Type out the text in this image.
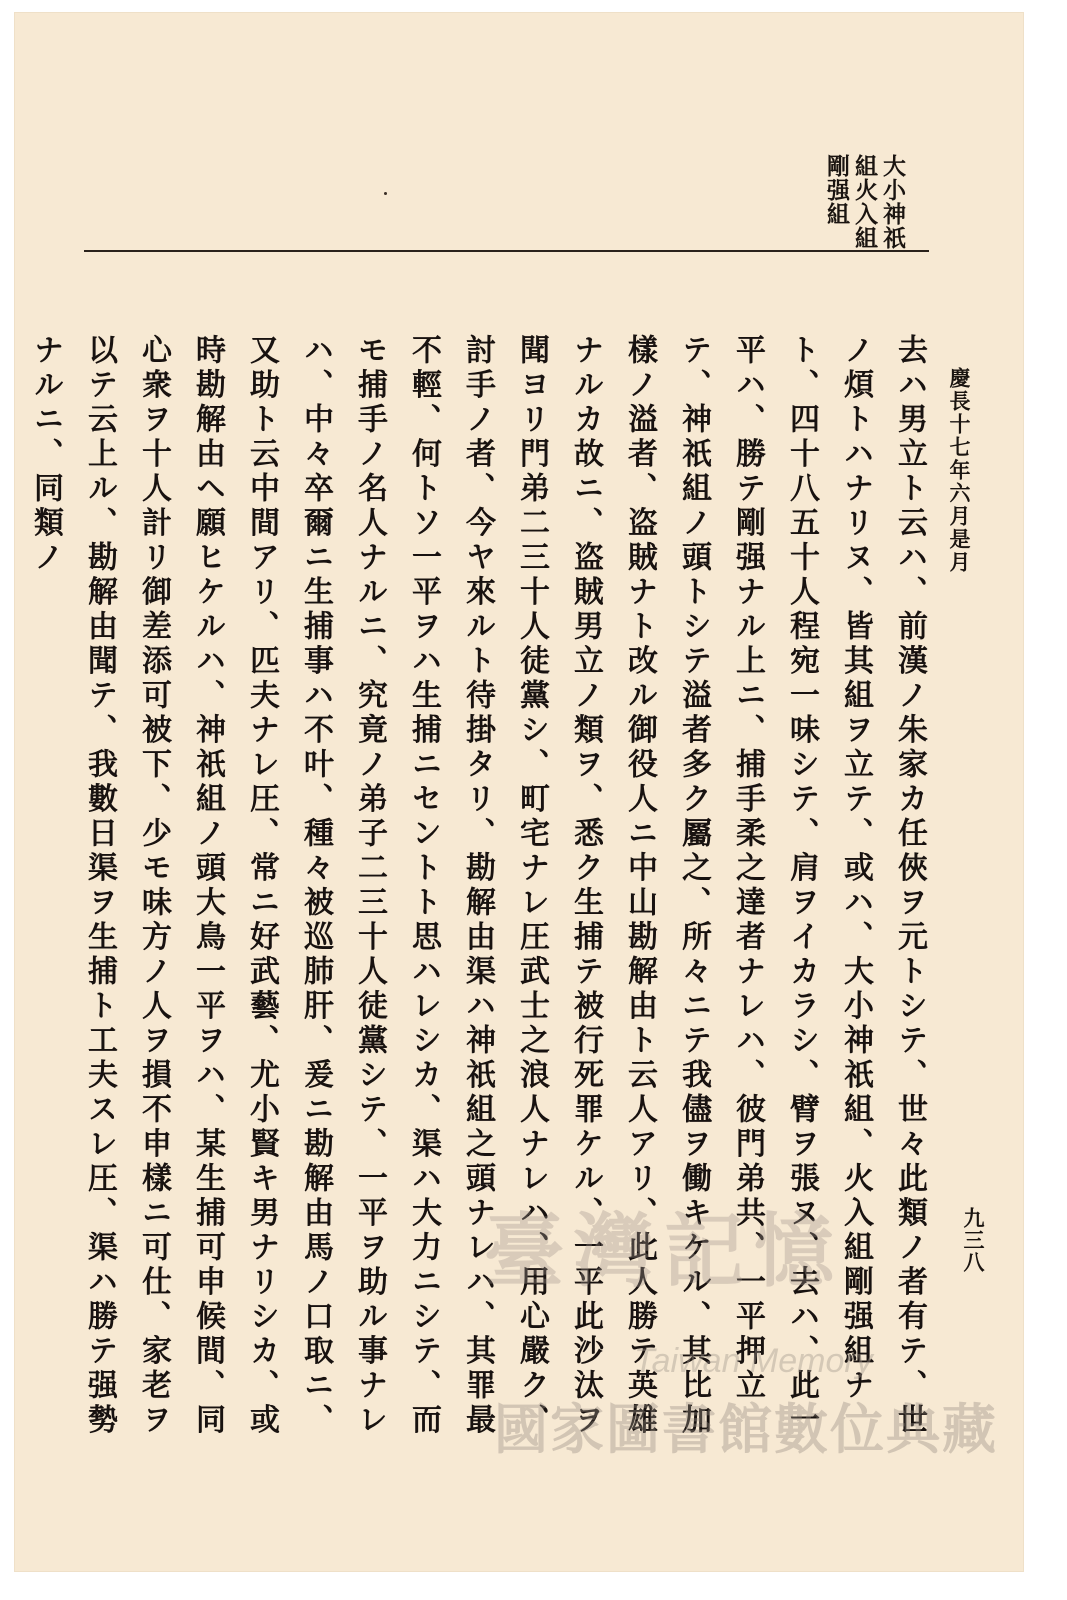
大小神祇
組火入組
剛强組
慶長十七年六月是月
九三八
去ハ男立ト云ハ、前漢ノ朱家カ任俠ヲ元トシテ、世々此類ノ者有テ、世ノ煩トハナリヌ、皆其組ヲ立テ、或ハ、大小神祇組、火入組剛强組ナト、四十八五十人程宛一味シテ、肩ヲイカラシ、臂ヲ張ヌ、去ハ、此一平ハ、勝テ剛强ナル上ニ、捕手柔之達者ナレハ、彼門弟共、一平押立テ、神祇組ノ頭トシテ溢者多ク屬之、所々ニテ我儘ヲ働キケル、其比加樣ノ溢者、盗賊ナト改ル御役人ニ中山勘解由ト云人アリ、此人勝テ英雄ナルカ故ニ、盗賊男立ノ類ヲ、悉ク生捕テ被行死罪ケル、一平此沙汰ヲ聞ヨリ門弟二三十人徒黨シ、町宅ナレ圧武士之浪人ナレハ、用心嚴ク、討手ノ者、今ヤ來ルト待掛タリ、勘解由渠ハ神祇組之頭ナレハ、其罪最不輕、何トソ一平ヲハ生捕ニセントト思ハレシカ、渠ハ大力ニシテ、而モ捕手ノ名人ナルニ、究竟ノ弟子二三十人徒黨シテ、一平ヲ助ル事ナレハ、中々卒爾ニ生捕事ハ不叶、種々被巡肺肝、爰ニ勘解由馬ノ口取ニ、又助ト云中間アリ、匹夫ナレ圧、常ニ好武藝、尤小賢キ男ナリシカ、或時勘解由ヘ願ヒケルハ、神祇組ノ頭大鳥一平ヲハ、某生捕可申候間、同心衆ヲ十人計リ御差添可被下、少モ味方ノ人ヲ損不申樣ニ可仕、家老ヲ以テ云上ル、勘解由聞テ、我數日渠ヲ生捕ト工夫スレ圧、渠ハ勝テ强勢ナルニ、同類ノ
臺灣記憶
Taiwan Memory
國家圖書館數位典藏
